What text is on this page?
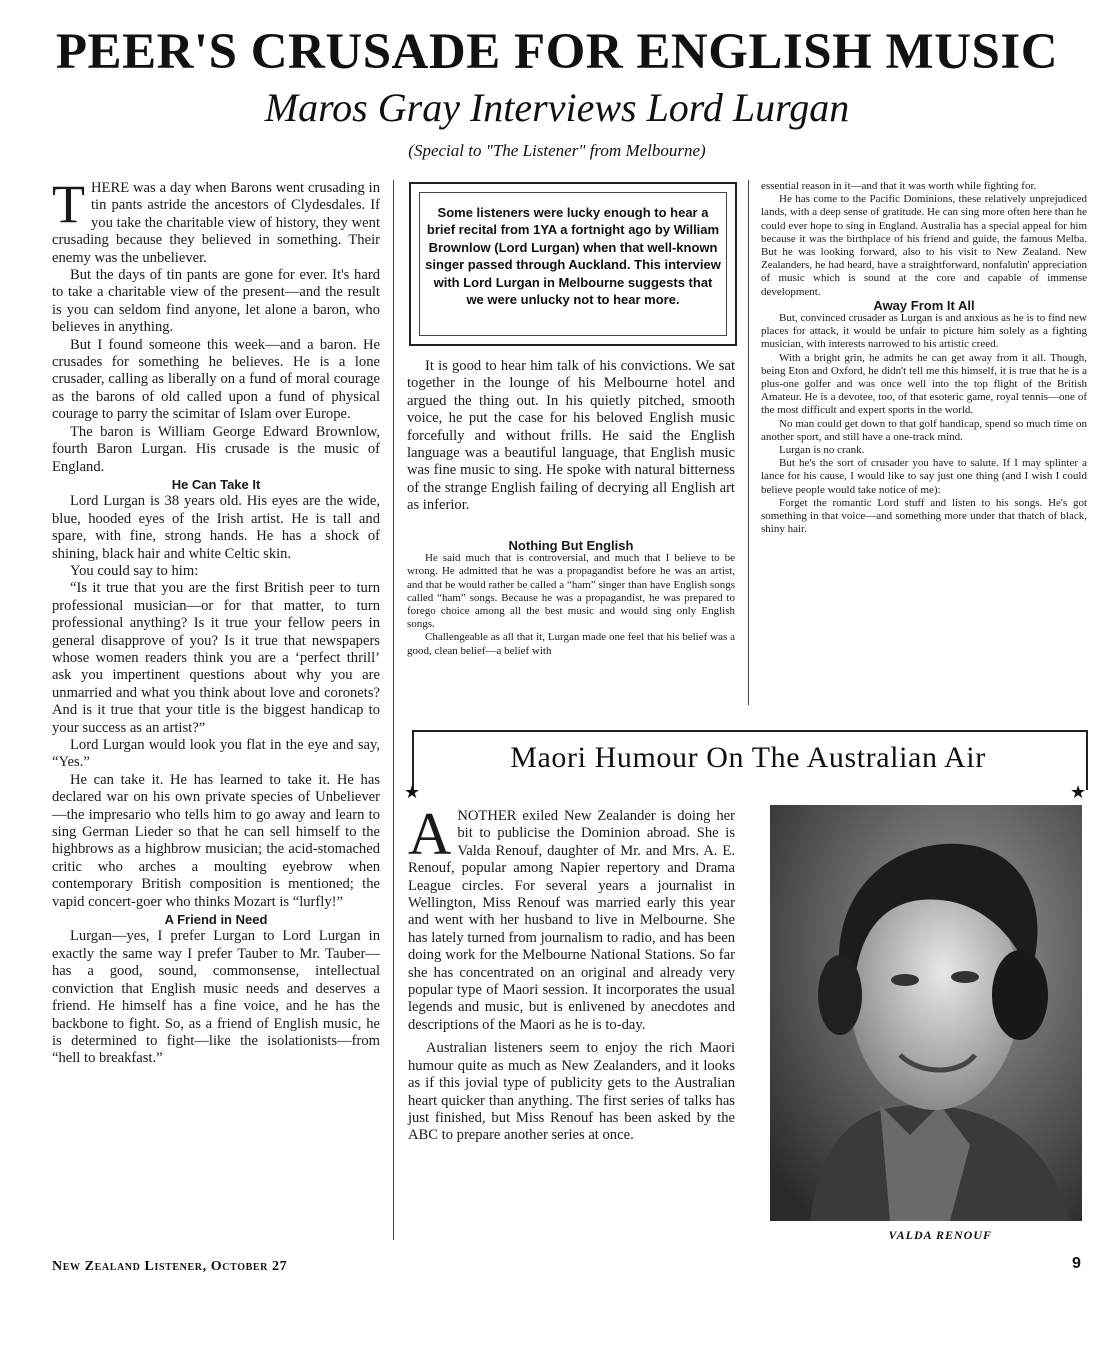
PEER'S CRUSADE FOR ENGLISH MUSIC
Maros Gray Interviews Lord Lurgan
(Special to "The Listener" from Melbourne)

THERE was a day when Barons went crusading in tin pants astride the ancestors of Clydesdales. If you take the charitable view of history, they went crusading because they believed in something. Their enemy was the unbeliever.

But the days of tin pants are gone for ever. It's hard to take a charitable view of the present—and the result is you can seldom find anyone, let alone a baron, who believes in anything.

But I found someone this week—and a baron. He crusades for something he believes. He is a lone crusader, calling as liberally on a fund of moral courage as the barons of old called upon a fund of physical courage to parry the scimitar of Islam over Europe.

The baron is William George Edward Brownlow, fourth Baron Lurgan. His crusade is the music of England.

He Can Take It

Lord Lurgan is 38 years old. His eyes are the wide, blue, hooded eyes of the Irish artist. He is tall and spare, with fine, strong hands. He has a shock of shining, black hair and white Celtic skin.

You could say to him:

“Is it true that you are the first British peer to turn professional musician—or for that matter, to turn professional anything? Is it true your fellow peers in general disapprove of you? Is it true that newspapers whose women readers think you are a ‘perfect thrill’ ask you impertinent questions about why you are unmarried and what you think about love and coronets? And is it true that your title is the biggest handicap to your success as an artist?”

Lord Lurgan would look you flat in the eye and say, “Yes.”

He can take it. He has learned to take it. He has declared war on his own private species of Unbeliever—the impresario who tells him to go away and learn to sing German Lieder so that he can sell himself to the highbrows as a highbrow musician; the acid-stomached critic who arches a moulting eyebrow when contemporary British composition is mentioned; the vapid concert-goer who thinks Mozart is “lurfly!”

A Friend in Need

Lurgan—yes, I prefer Lurgan to Lord Lurgan in exactly the same way I prefer Tauber to Mr. Tauber—has a good, sound, commonsense, intellectual conviction that English music needs and deserves a friend. He himself has a fine voice, and he has the backbone to fight. So, as a friend of English music, he is determined to fight—like the isolationists—from “hell to breakfast.”

Some listeners were lucky enough to hear a brief recital from 1YA a fortnight ago by William Brownlow (Lord Lurgan) when that well-known singer passed through Auckland. This interview with Lord Lurgan in Melbourne suggests that we were unlucky not to hear more.

It is good to hear him talk of his convictions. We sat together in the lounge of his Melbourne hotel and argued the thing out. In his quietly pitched, smooth voice, he put the case for his beloved English music forcefully and without frills. He said the English language was a beautiful language, that English music was fine music to sing. He spoke with natural bitterness of the strange English failing of decrying all English art as inferior.

Nothing But English

He said much that is controversial, and much that I believe to be wrong. He admitted that he was a propagandist before he was an artist, and that he would rather be called a “ham” singer than have English songs called “ham” songs. Because he was a propagandist, he was prepared to forego choice among all the best music and would sing only English songs.

Challengeable as all that it, Lurgan made one feel that his belief was a good, clean belief—a belief with

essential reason in it—and that it was worth while fighting for.

He has come to the Pacific Dominions, these relatively unprejudiced lands, with a deep sense of gratitude. He can sing more often here than he could ever hope to sing in England. Australia has a special appeal for him because it was the birthplace of his friend and guide, the famous Melba. But he was looking forward, also to his visit to New Zealand. New Zealanders, he had heard, have a straightforward, nonfalutin' appreciation of music which is sound at the core and capable of immense development.

Away From It All

But, convinced crusader as Lurgan is and anxious as he is to find new places for attack, it would be unfair to picture him solely as a fighting musician, with interests narrowed to his artistic creed.

With a bright grin, he admits he can get away from it all. Though, being Eton and Oxford, he didn't tell me this himself, it is true that he is a plus-one golfer and was once well into the top flight of the British Amateur. He is a devotee, too, of that esoteric game, royal tennis—one of the most difficult and expert sports in the world.

No man could get down to that golf handicap, spend so much time on another sport, and still have a one-track mind.

Lurgan is no crank.

But he's the sort of crusader you have to salute. If I may splinter a lance for his cause, I would like to say just one thing (and I wish I could believe people would take notice of me):

Forget the romantic Lord stuff and listen to his songs. He's got something in that voice—and something more under that thatch of black, shiny hair.

Maori Humour On The Australian Air
★	★

ANOTHER exiled New Zealander is doing her bit to publicise the Dominion abroad. She is Valda Renouf, daughter of Mr. and Mrs. A. E. Renouf, popular among Napier repertory and Drama League circles. For several years a journalist in Wellington, Miss Renouf was married early this year and went with her husband to live in Melbourne. She has lately turned from journalism to radio, and has been doing work for the Melbourne National Stations. So far she has concentrated on an original and already very popular type of Maori session. It incorporates the usual legends and music, but is enlivened by anecdotes and descriptions of the Maori as he is to-day.

Australian listeners seem to enjoy the rich Maori humour quite as much as New Zealanders, and it looks as if this jovial type of publicity gets to the Australian heart quicker than anything. The first series of talks has just finished, but Miss Renouf has been asked by the ABC to prepare another series at once.

VALDA RENOUF
New Zealand Listener, October 27	9
